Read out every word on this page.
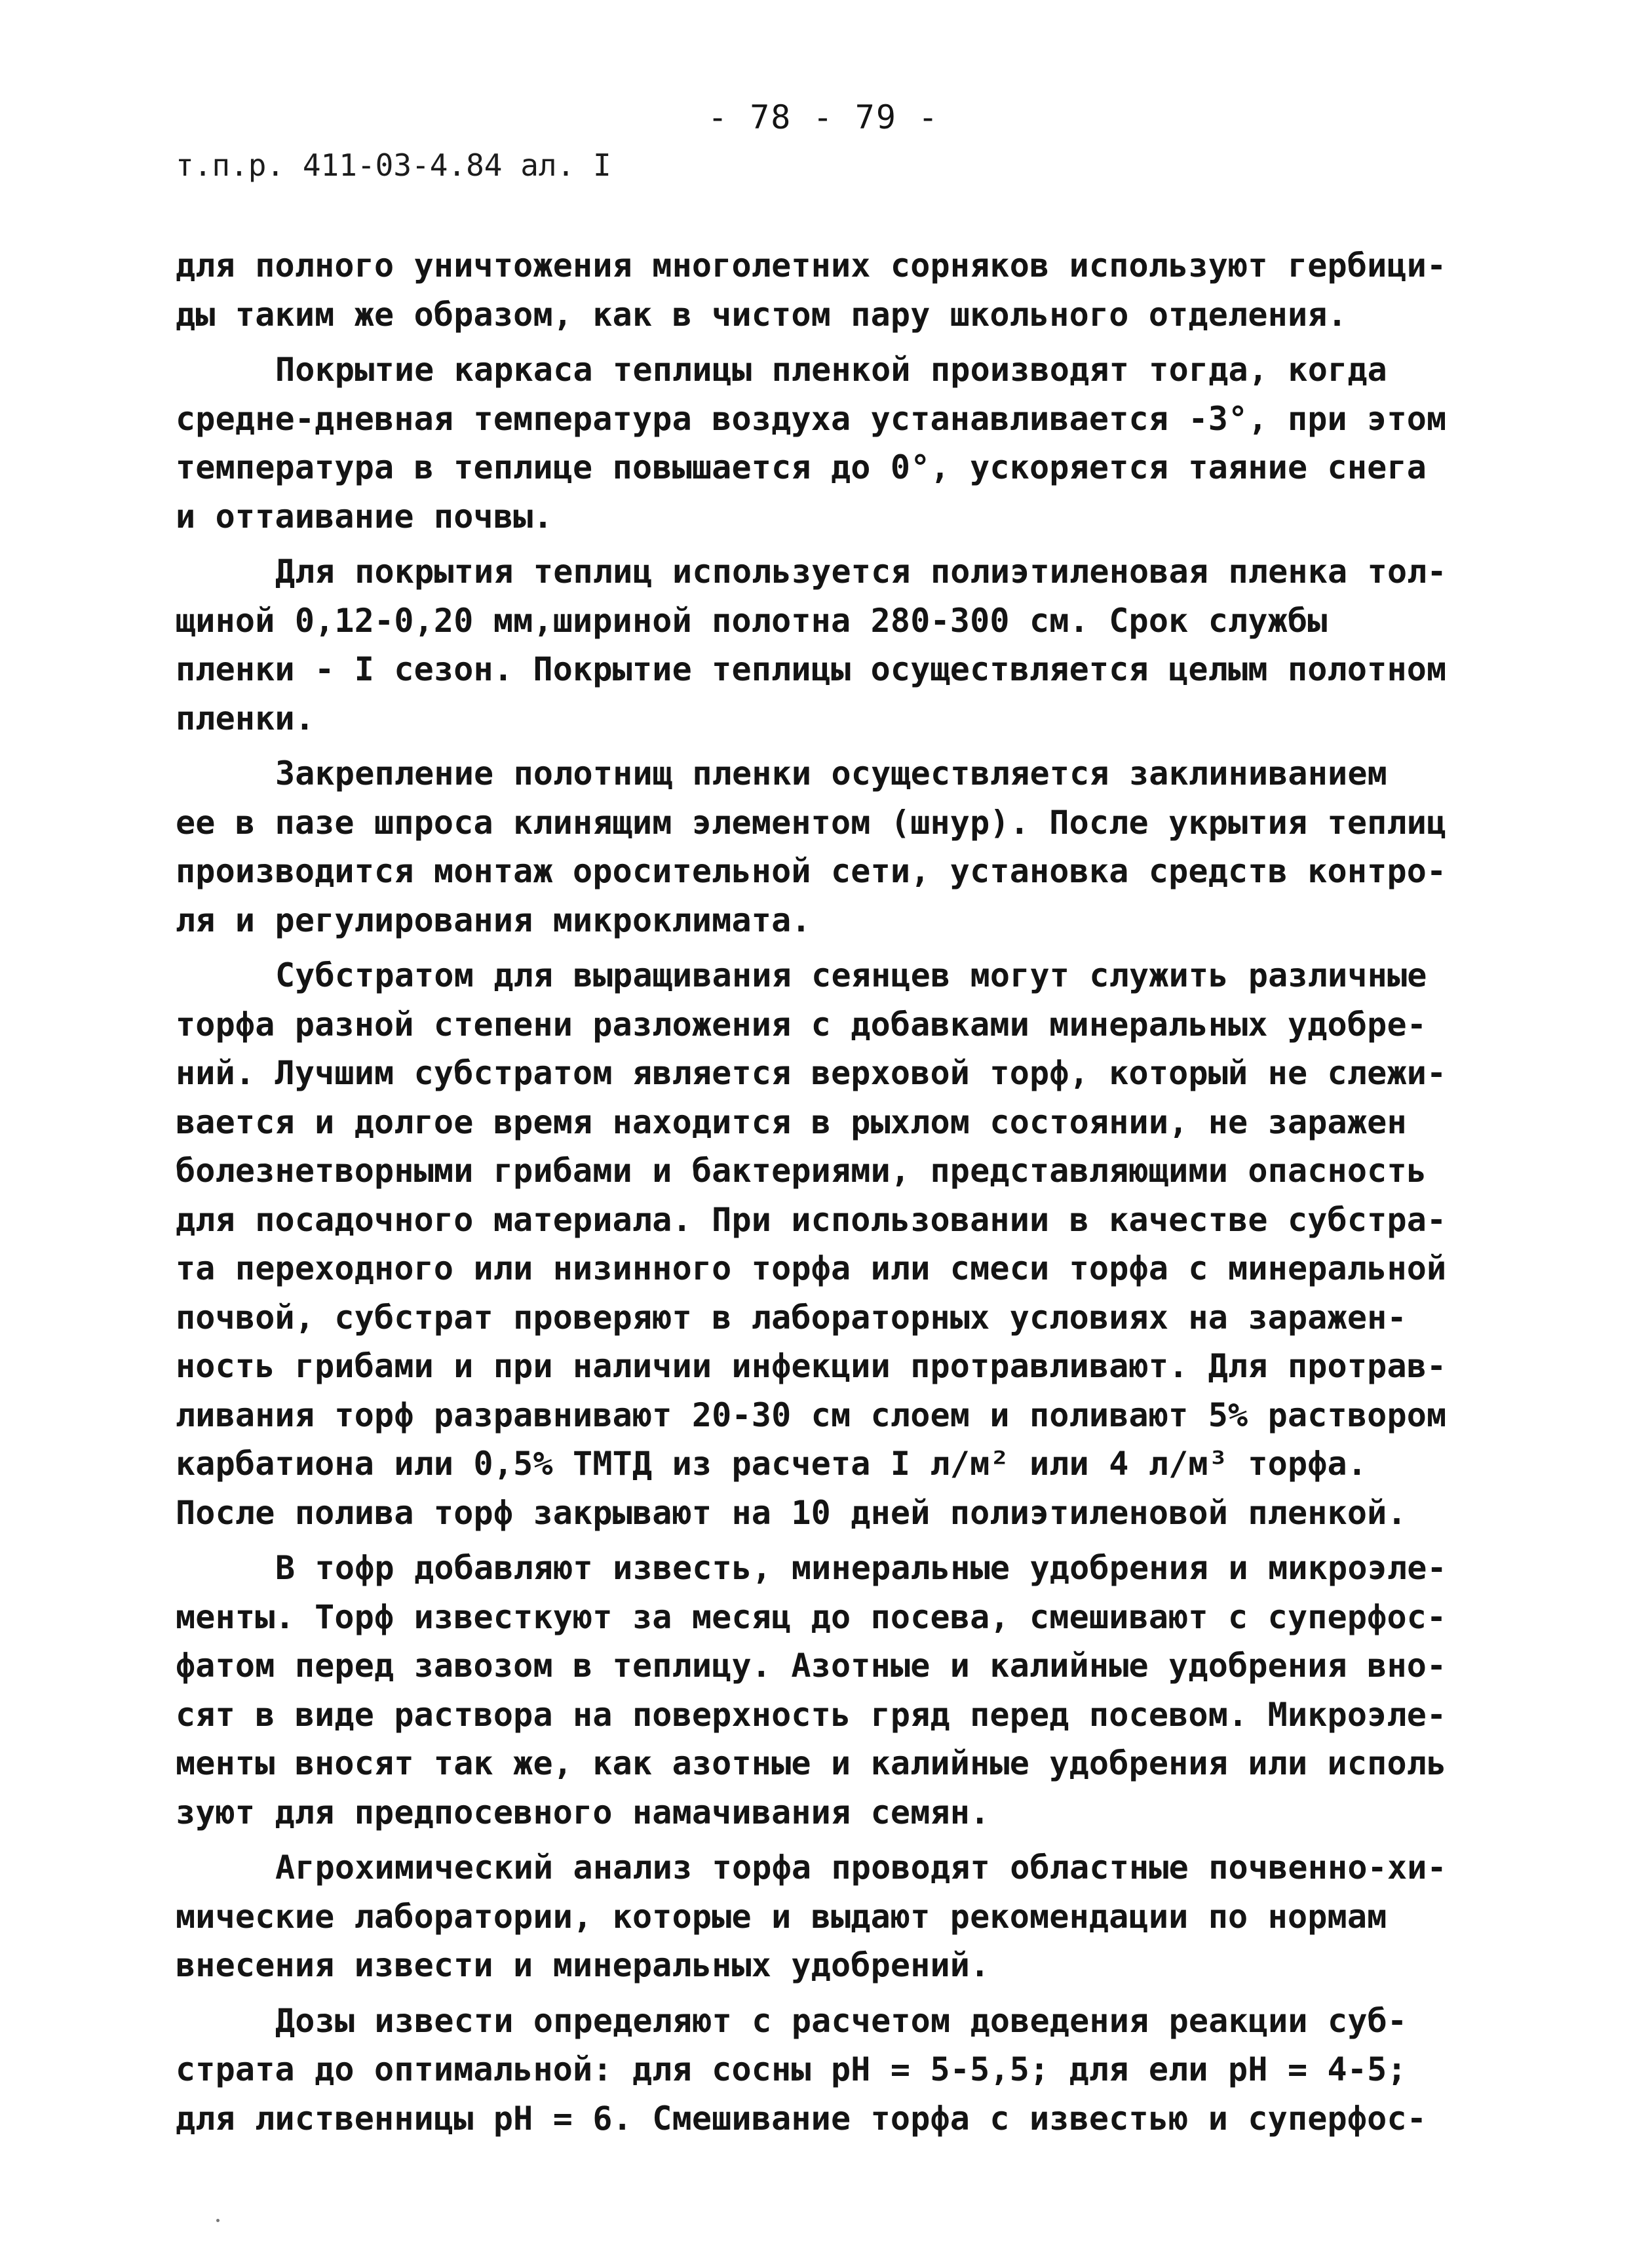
- 78 - 79 -
т.п.р. 411-03-4.84 ал. I
для полного уничтожения многолетних сорняков используют гербици-
ды таким же образом, как в чистом пару школьного отделения.
Покрытие каркаса теплицы пленкой производят тогда, когда
средне-дневная температура воздуха устанавливается -3°, при этом
температура в теплице повышается до 0°, ускоряется таяние снега
и оттаивание почвы.
Для покрытия теплиц используется полиэтиленовая пленка тол-
щиной 0,12-0,20 мм,шириной полотна 280-300 см. Срок службы
пленки - I сезон. Покрытие теплицы осуществляется целым полотном
пленки.
Закрепление полотнищ пленки осуществляется заклиниванием
ее в пазе шпроса клинящим элементом (шнур). После укрытия теплиц
производится монтаж оросительной сети, установка средств контро-
ля и регулирования микроклимата.
Субстратом для выращивания сеянцев могут служить различные
торфа разной степени разложения с добавками минеральных удобре-
ний. Лучшим субстратом является верховой торф, который не слежи-
вается и долгое время находится в рыхлом состоянии, не заражен
болезнетворными грибами и бактериями, представляющими опасность
для посадочного материала. При использовании в качестве субстра-
та переходного или низинного торфа или смеси торфа с минеральной
почвой, субстрат проверяют в лабораторных условиях на заражен-
ность грибами и при наличии инфекции протравливают. Для протрав-
ливания торф разравнивают 20-30 см слоем и поливают 5% раствором
карбатиона или 0,5% ТМТД из расчета I л/м² или 4 л/м³ торфа.
После полива торф закрывают на 10 дней полиэтиленовой пленкой.
В тофр добавляют известь, минеральные удобрения и микроэле-
менты. Торф известкуют за месяц до посева, смешивают с суперфос-
фатом перед завозом в теплицу. Азотные и калийные удобрения вно-
сят в виде раствора на поверхность гряд перед посевом. Микроэле-
менты вносят так же, как азотные и калийные удобрения или исполь
зуют для предпосевного намачивания семян.
Агрохимический анализ торфа проводят областные почвенно-хи-
мические лаборатории, которые и выдают рекомендации по нормам
внесения извести и минеральных удобрений.
Дозы извести определяют с расчетом доведения реакции суб-
страта до оптимальной: для сосны pH = 5-5,5; для ели pH = 4-5;
для лиственницы pH = 6. Смешивание торфа с известью и суперфос-
